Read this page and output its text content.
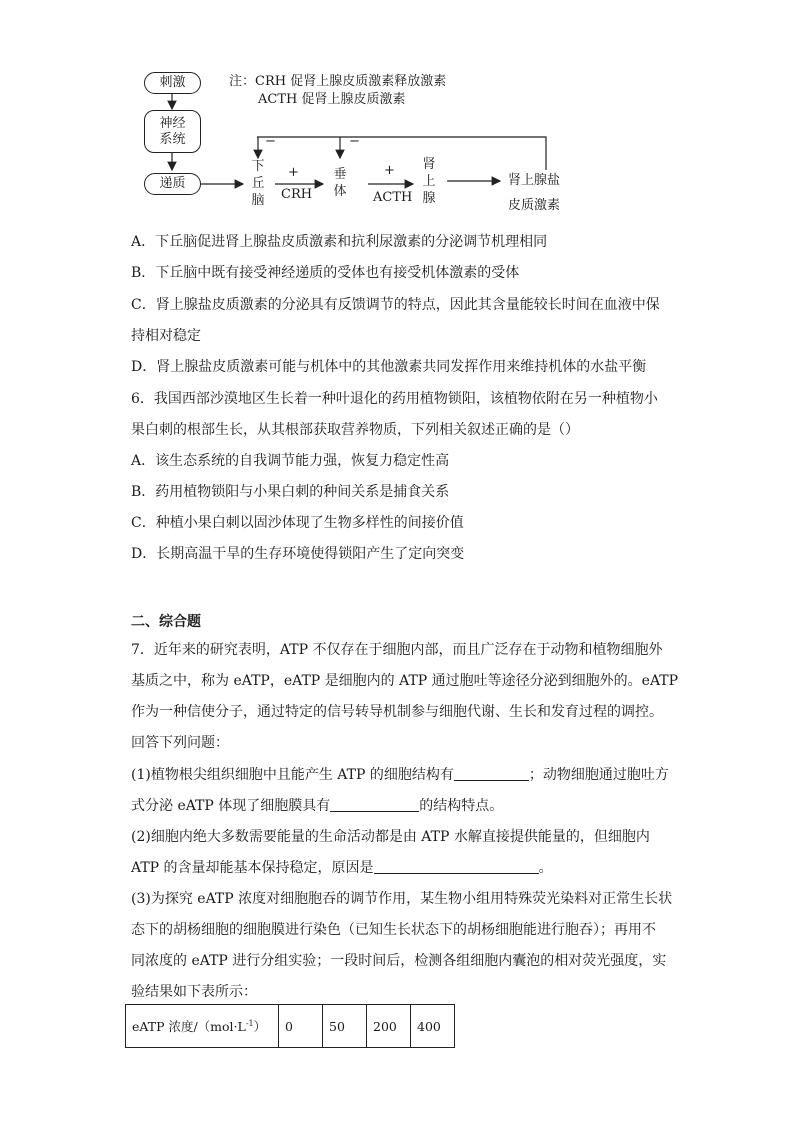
刺激
神经系统
递质
下丘脑
垂体
肾上腺
肾上腺盐
皮质激素
+
CRH
+
ACTH
−	−
注：CRH 促肾上腺皮质激素释放激素
ACTH 促肾上腺皮质激素
A．下丘脑促进肾上腺盐皮质激素和抗利尿激素的分泌调节机理相同
B．下丘脑中既有接受神经递质的受体也有接受机体激素的受体
C．肾上腺盐皮质激素的分泌具有反馈调节的特点，因此其含量能较长时间在血液中保
持相对稳定
D．肾上腺盐皮质激素可能与机体中的其他激素共同发挥作用来维持机体的水盐平衡
6．我国西部沙漠地区生长着一种叶退化的药用植物锁阳，该植物依附在另一种植物小
果白刺的根部生长，从其根部获取营养物质，下列相关叙述正确的是（）
A．该生态系统的自我调节能力强，恢复力稳定性高
B．药用植物锁阳与小果白刺的种间关系是捕食关系
C．种植小果白刺以固沙体现了生物多样性的间接价值
D．长期高温干旱的生存环境使得锁阳产生了定向突变
二、综合题
7．近年来的研究表明，ATP 不仅存在于细胞内部，而且广泛存在于动物和植物细胞外
基质之中，称为 eATP，eATP 是细胞内的 ATP 通过胞吐等途径分泌到细胞外的。eATP
作为一种信使分子，通过特定的信号转导机制参与细胞代谢、生长和发育过程的调控。
回答下列问题：
(1)植物根尖组织细胞中且能产生 ATP 的细胞结构有	；动物细胞通过胞吐方
式分泌 eATP 体现了细胞膜具有	的结构特点。
(2)细胞内绝大多数需要能量的生命活动都是由 ATP 水解直接提供能量的，但细胞内
ATP 的含量却能基本保持稳定，原因是	。
(3)为探究 eATP 浓度对细胞胞吞的调节作用，某生物小组用特殊荧光染料对正常生长状
态下的胡杨细胞的细胞膜进行染色（已知生长状态下的胡杨细胞能进行胞吞）；再用不
同浓度的 eATP 进行分组实验；一段时间后，检测各组细胞内囊泡的相对荧光强度，实
验结果如下表所示：
eATP 浓度$/(mol\cdot L^{-1})$	0	50	200	400
